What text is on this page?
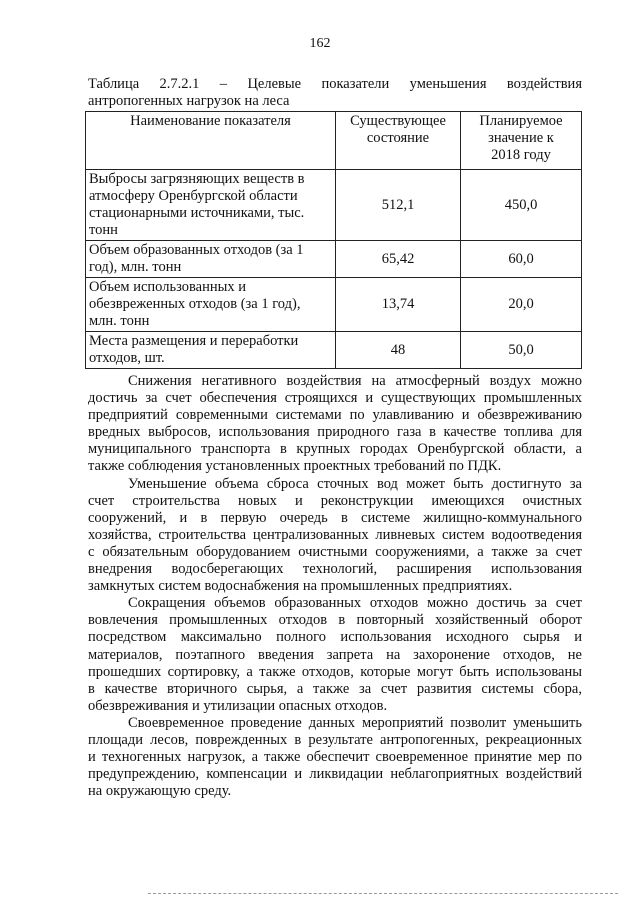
162
Таблица 2.7.2.1 – Целевые показатели уменьшения воздействия
антропогенных нагрузок на леса
Наименование показателя	Существующее состояние	Планируемое значение к 2018 году
Выбросы загрязняющих веществ в атмосферу Оренбургской области стационарными источниками, тыс. тонн	512,1	450,0
Объем образованных отходов (за 1 год), млн. тонн	65,42	60,0
Объем использованных и обезвреженных отходов (за 1 год), млн. тонн	13,74	20,0
Места размещения и переработки отходов, шт.	48	50,0
Снижения негативного воздействия на атмосферный воздух можно
достичь за счет обеспечения строящихся и существующих промышленных
предприятий современными системами по улавливанию и обезвреживанию
вредных выбросов, использования природного газа в качестве топлива для
муниципального транспорта в крупных городах Оренбургской области, а
также соблюдения установленных проектных требований по ПДК.
Уменьшение объема сброса сточных вод может быть достигнуто за
счет строительства новых и реконструкции имеющихся очистных
сооружений, и в первую очередь в системе жилищно-коммунального
хозяйства, строительства централизованных ливневых систем водоотведения
с обязательным оборудованием очистными сооружениями, а также за счет
внедрения водосберегающих технологий, расширения использования
замкнутых систем водоснабжения на промышленных предприятиях.
Сокращения объемов образованных отходов можно достичь за счет
вовлечения промышленных отходов в повторный хозяйственный оборот
посредством максимально полного использования исходного сырья и
материалов, поэтапного введения запрета на захоронение отходов, не
прошедших сортировку, а также отходов, которые могут быть использованы
в качестве вторичного сырья, а также за счет развития системы сбора,
обезвреживания и утилизации опасных отходов.
Своевременное проведение данных мероприятий позволит уменьшить
площади лесов, поврежденных в результате антропогенных, рекреационных
и техногенных нагрузок, а также обеспечит своевременное принятие мер по
предупреждению, компенсации и ликвидации неблагоприятных воздействий
на окружающую среду.
